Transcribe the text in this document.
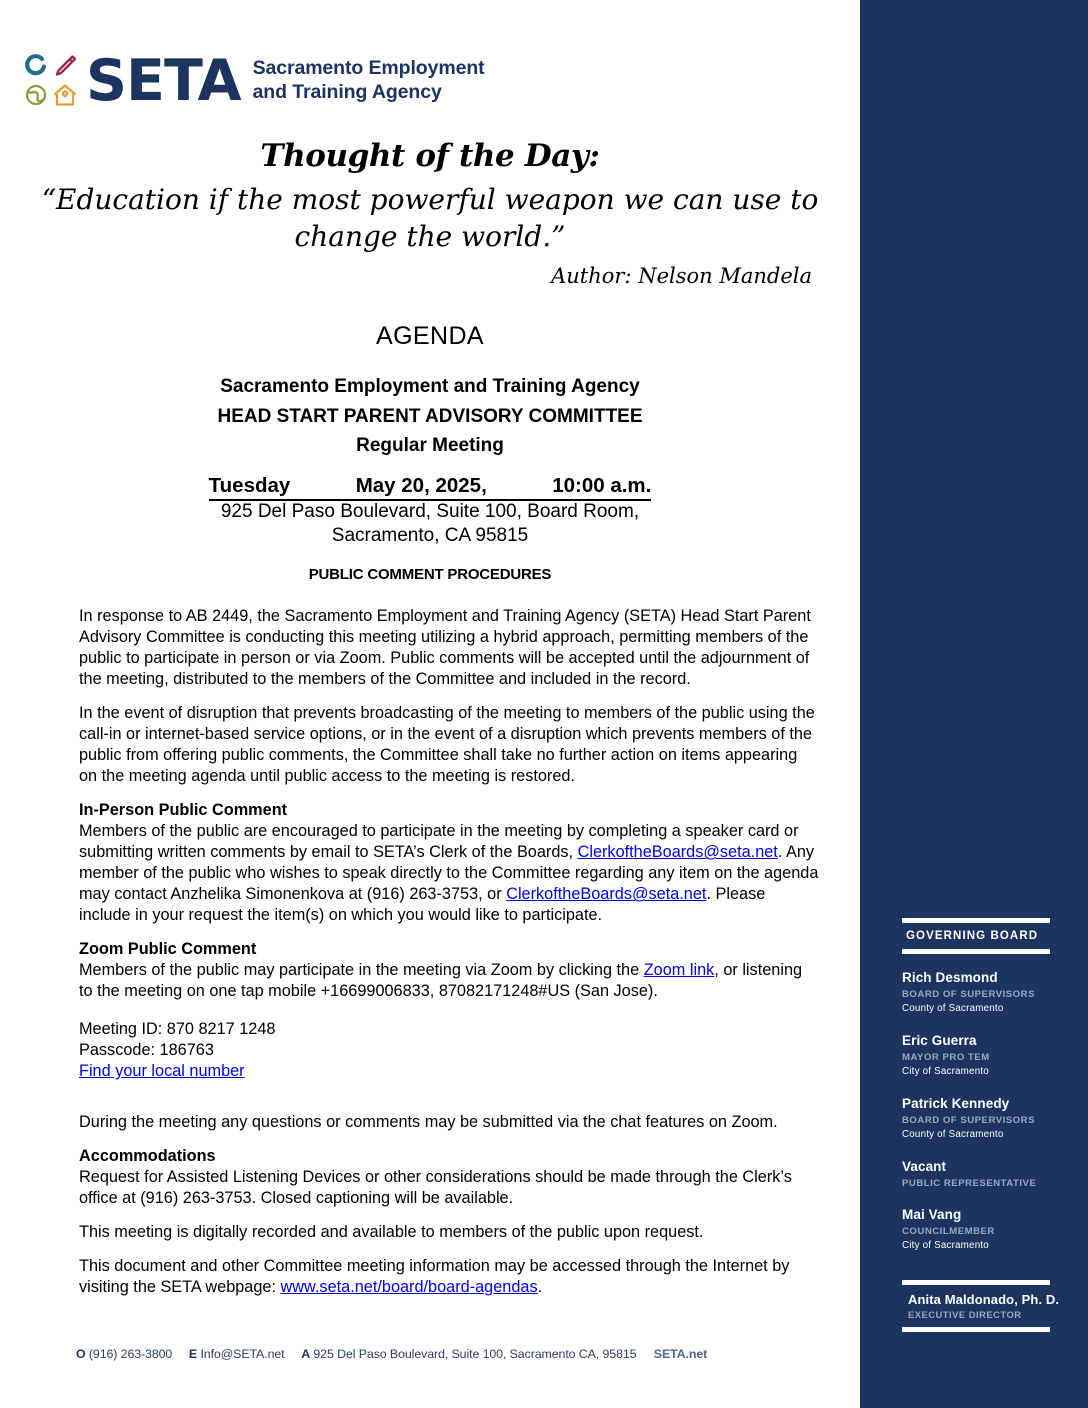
SETA Sacramento Employment
and Training Agency
Thought of the Day:
“Education if the most powerful weapon we can use to change the world.”
Author: Nelson Mandela
AGENDA
Sacramento Employment and Training Agency
HEAD START PARENT ADVISORY COMMITTEE
Regular Meeting
Tuesday	May 20, 2025,	10:00 a.m.
925 Del Paso Boulevard, Suite 100, Board Room,
Sacramento, CA 95815
PUBLIC COMMENT PROCEDURES

In response to AB 2449, the Sacramento Employment and Training Agency (SETA) Head Start Parent Advisory Committee is conducting this meeting utilizing a hybrid approach, permitting members of the public to participate in person or via Zoom. Public comments will be accepted until the adjournment of the meeting, distributed to the members of the Committee and included in the record.

In the event of disruption that prevents broadcasting of the meeting to members of the public using the call-in or internet-based service options, or in the event of a disruption which prevents members of the public from offering public comments, the Committee shall take no further action on items appearing on the meeting agenda until public access to the meeting is restored.

In-Person Public Comment
Members of the public are encouraged to participate in the meeting by completing a speaker card or submitting written comments by email to SETA’s Clerk of the Boards, ClerkoftheBoards@seta.net. Any member of the public who wishes to speak directly to the Committee regarding any item on the agenda may contact Anzhelika Simonenkova at (916) 263-3753, or ClerkoftheBoards@seta.net. Please include in your request the item(s) on which you would like to participate.

Zoom Public Comment
Members of the public may participate in the meeting via Zoom by clicking the Zoom link, or listening to the meeting on one tap mobile +16699006833, 87082171248#US (San Jose).

Meeting ID: 870 8217 1248

Passcode: 186763

Find your local number

During the meeting any questions or comments may be submitted via the chat features on Zoom.

Accommodations
Request for Assisted Listening Devices or other considerations should be made through the Clerk’s office at (916) 263-3753. Closed captioning will be available.

This meeting is digitally recorded and available to members of the public upon request.

This document and other Committee meeting information may be accessed through the Internet by visiting the SETA webpage: www.seta.net/board/board-agendas.

O (916) 263-3800 E Info@SETA.net A 925 Del Paso Boulevard, Suite 100, Sacramento CA, 95815 SETA.net
GOVERNING BOARD
Rich Desmond
BOARD OF SUPERVISORS
County of Sacramento
Eric Guerra
MAYOR PRO TEM
City of Sacramento
Patrick Kennedy
BOARD OF SUPERVISORS
County of Sacramento
Vacant
PUBLIC REPRESENTATIVE
Mai Vang
COUNCILMEMBER
City of Sacramento
Anita Maldonado, Ph. D.
EXECUTIVE DIRECTOR
